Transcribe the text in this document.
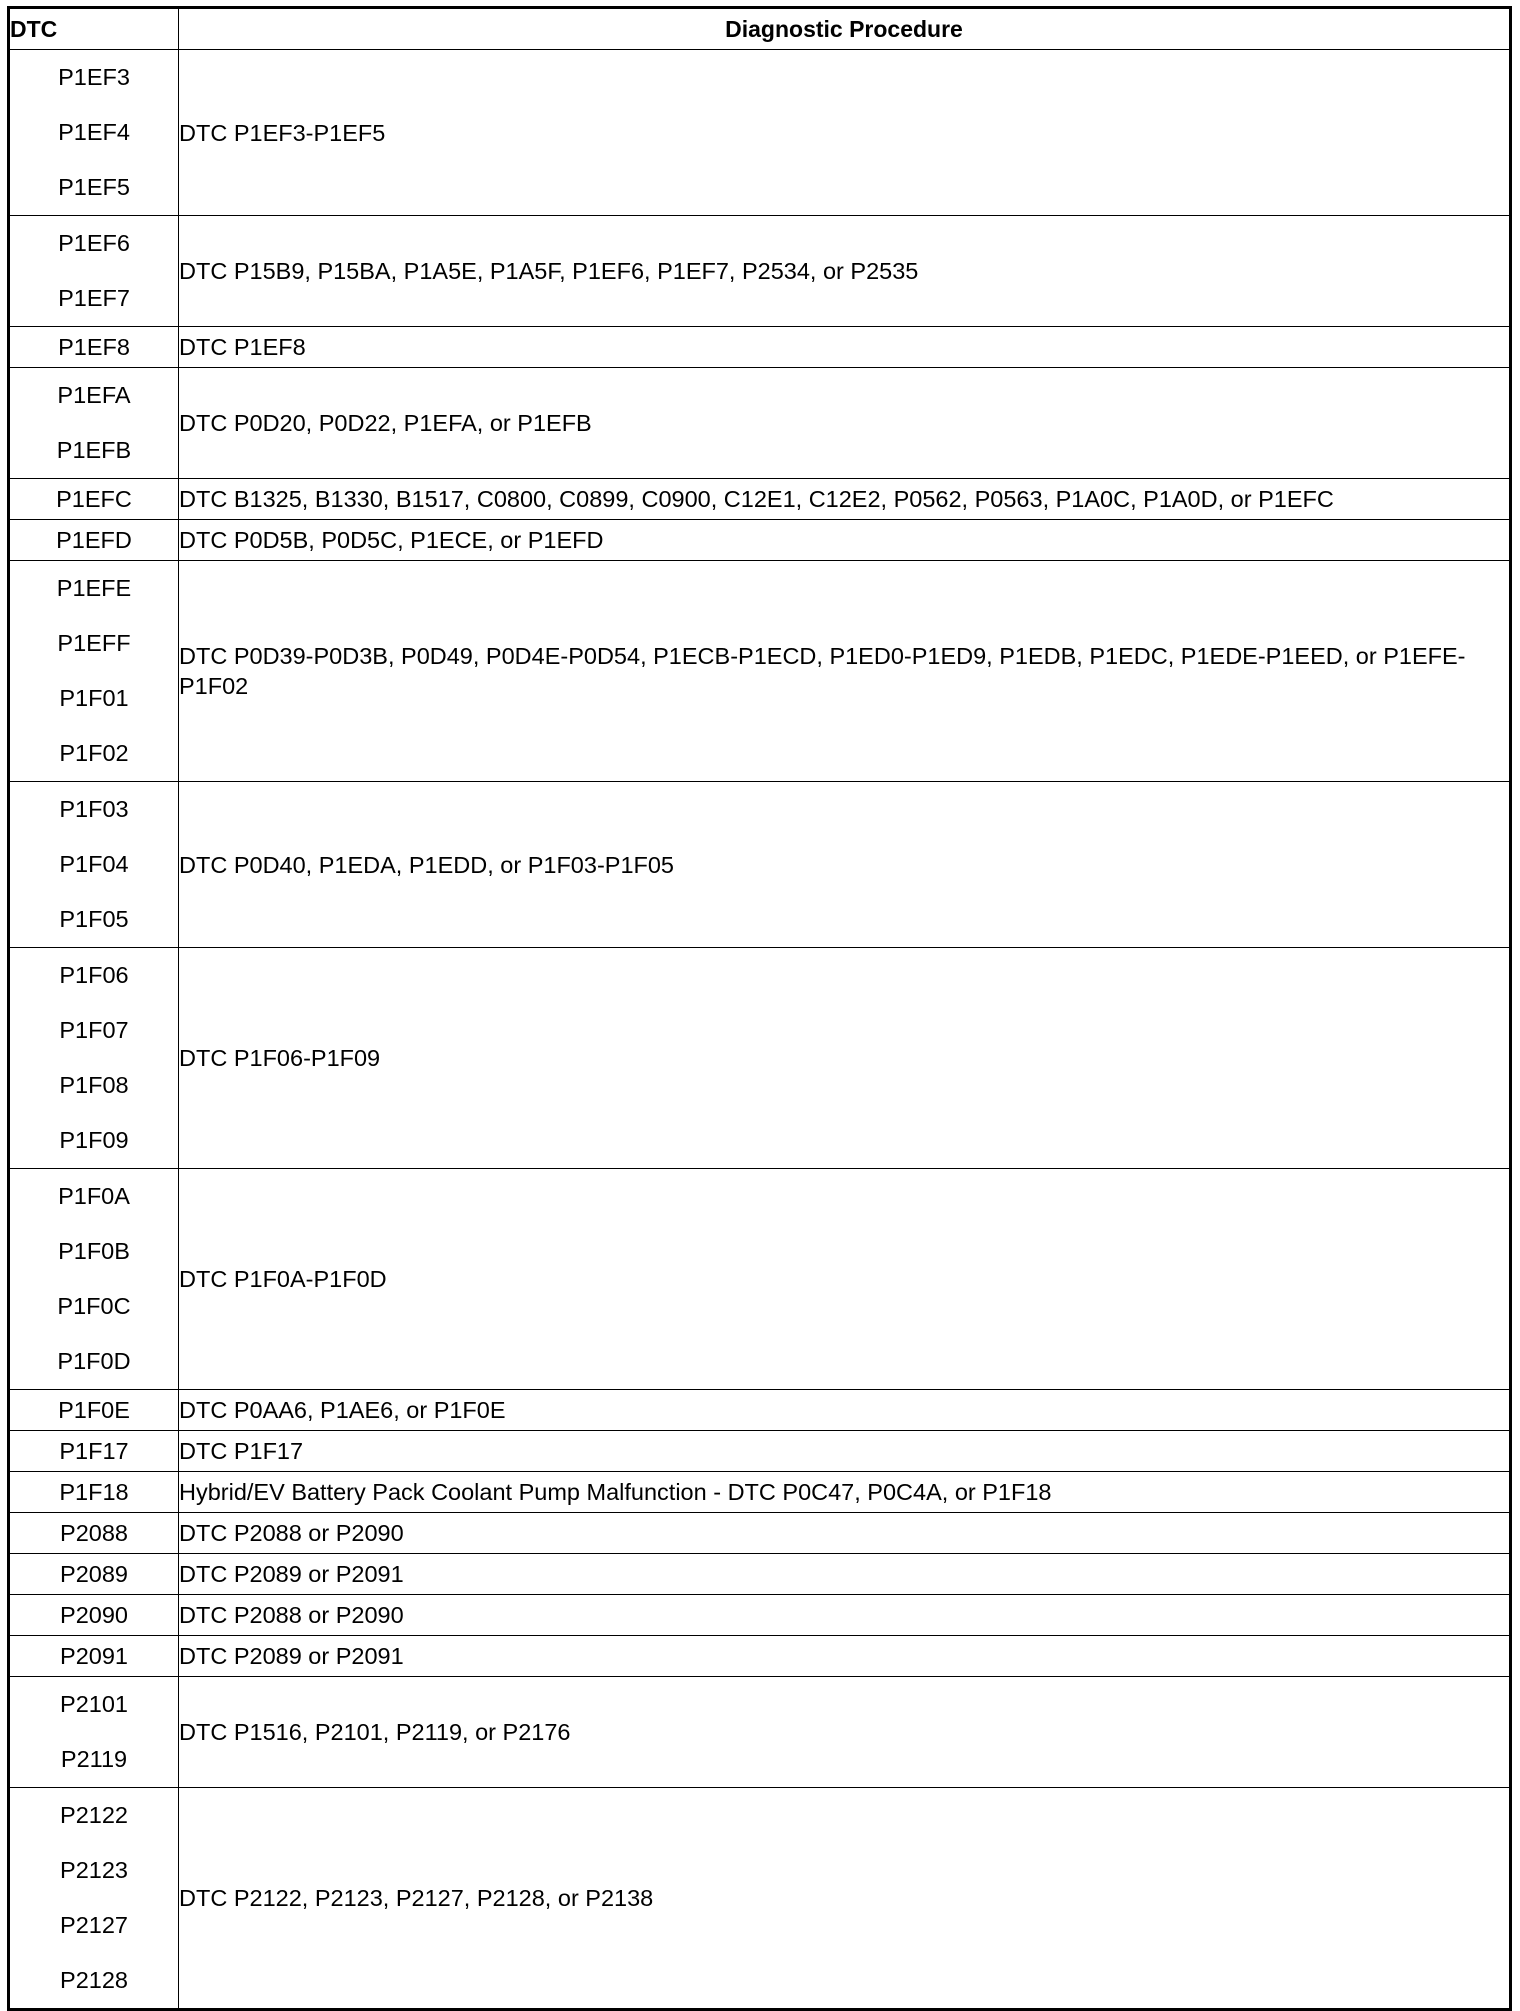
DTC	Diagnostic Procedure

P1EF3
P1EF4
P1EF5	DTC P1EF3-P1EF5

P1EF6
P1EF7	DTC P15B9, P15BA, P1A5E, P1A5F, P1EF6, P1EF7, P2534, or P2535

P1EF8	DTC P1EF8

P1EFA
P1EFB	DTC P0D20, P0D22, P1EFA, or P1EFB

P1EFC	DTC B1325, B1330, B1517, C0800, C0899, C0900, C12E1, C12E2, P0562, P0563, P1A0C, P1A0D, or P1EFC

P1EFD	DTC P0D5B, P0D5C, P1ECE, or P1EFD

P1EFE
P1EFF
P1F01
P1F02	DTC P0D39-P0D3B, P0D49, P0D4E-P0D54, P1ECB-P1ECD, P1ED0-P1ED9, P1EDB, P1EDC, P1EDE-P1EED, or P1EFE-P1F02

P1F03
P1F04
P1F05	DTC P0D40, P1EDA, P1EDD, or P1F03-P1F05

P1F06
P1F07
P1F08
P1F09	DTC P1F06-P1F09

P1F0A
P1F0B
P1F0C
P1F0D	DTC P1F0A-P1F0D

P1F0E	DTC P0AA6, P1AE6, or P1F0E

P1F17	DTC P1F17

P1F18	Hybrid/EV Battery Pack Coolant Pump Malfunction - DTC P0C47, P0C4A, or P1F18

P2088	DTC P2088 or P2090

P2089	DTC P2089 or P2091

P2090	DTC P2088 or P2090

P2091	DTC P2089 or P2091

P2101
P2119	DTC P1516, P2101, P2119, or P2176

P2122
P2123
P2127
P2128	DTC P2122, P2123, P2127, P2128, or P2138
